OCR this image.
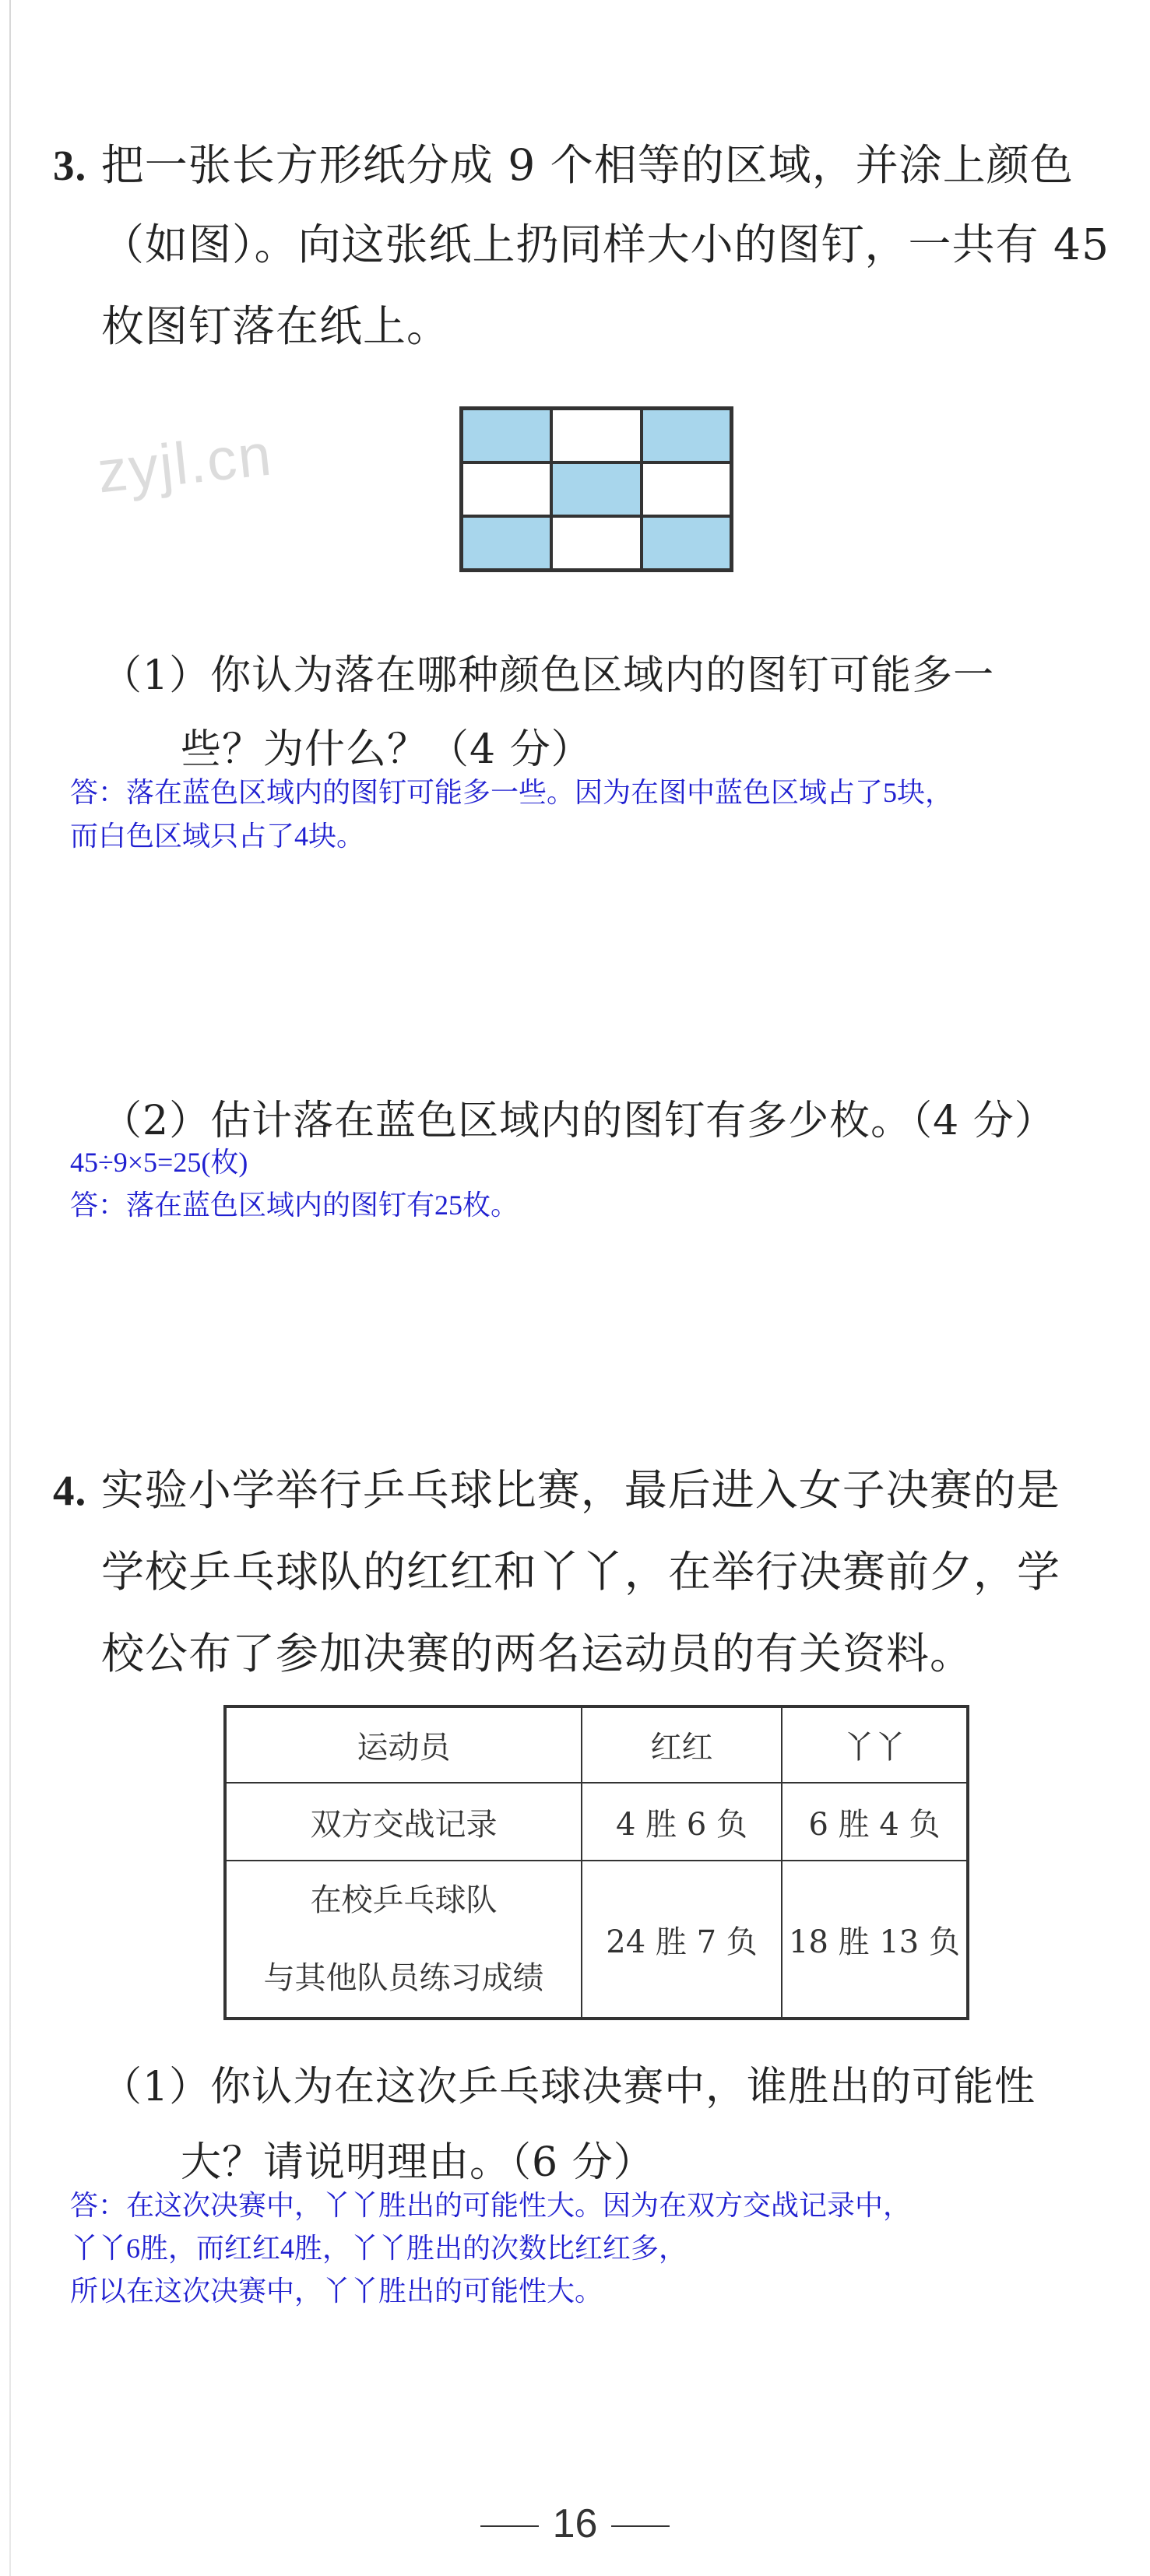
3. 把一张长方形纸分成 9 个相等的区域，并涂上颜色
（如图）。向这张纸上扔同样大小的图钉，一共有 45
枚图钉落在纸上。
zyjl.cn
（1）你认为落在哪种颜色区域内的图钉可能多一
些？为什么？（4 分）
答：落在蓝色区域内的图钉可能多一些。因为在图中蓝色区域占了5块，
而白色区域只占了4块。
（2）估计落在蓝色区域内的图钉有多少枚。（4 分）
45÷9×5=25(枚)
答：落在蓝色区域内的图钉有25枚。
4. 实验小学举行乒乓球比赛，最后进入女子决赛的是
学校乒乓球队的红红和丫丫，在举行决赛前夕，学
校公布了参加决赛的两名运动员的有关资料。
运动员	红红	丫丫
双方交战记录	4 胜 6 负	6 胜 4 负

在校乒乓球队
与其他队员练习成绩	24 胜 7 负	18 胜 13 负
（1）你认为在这次乒乓球决赛中，谁胜出的可能性
大？请说明理由。（6 分）
答：在这次决赛中，丫丫胜出的可能性大。因为在双方交战记录中，
丫丫6胜，而红红4胜，丫丫胜出的次数比红红多，
所以在这次决赛中，丫丫胜出的可能性大。
16
